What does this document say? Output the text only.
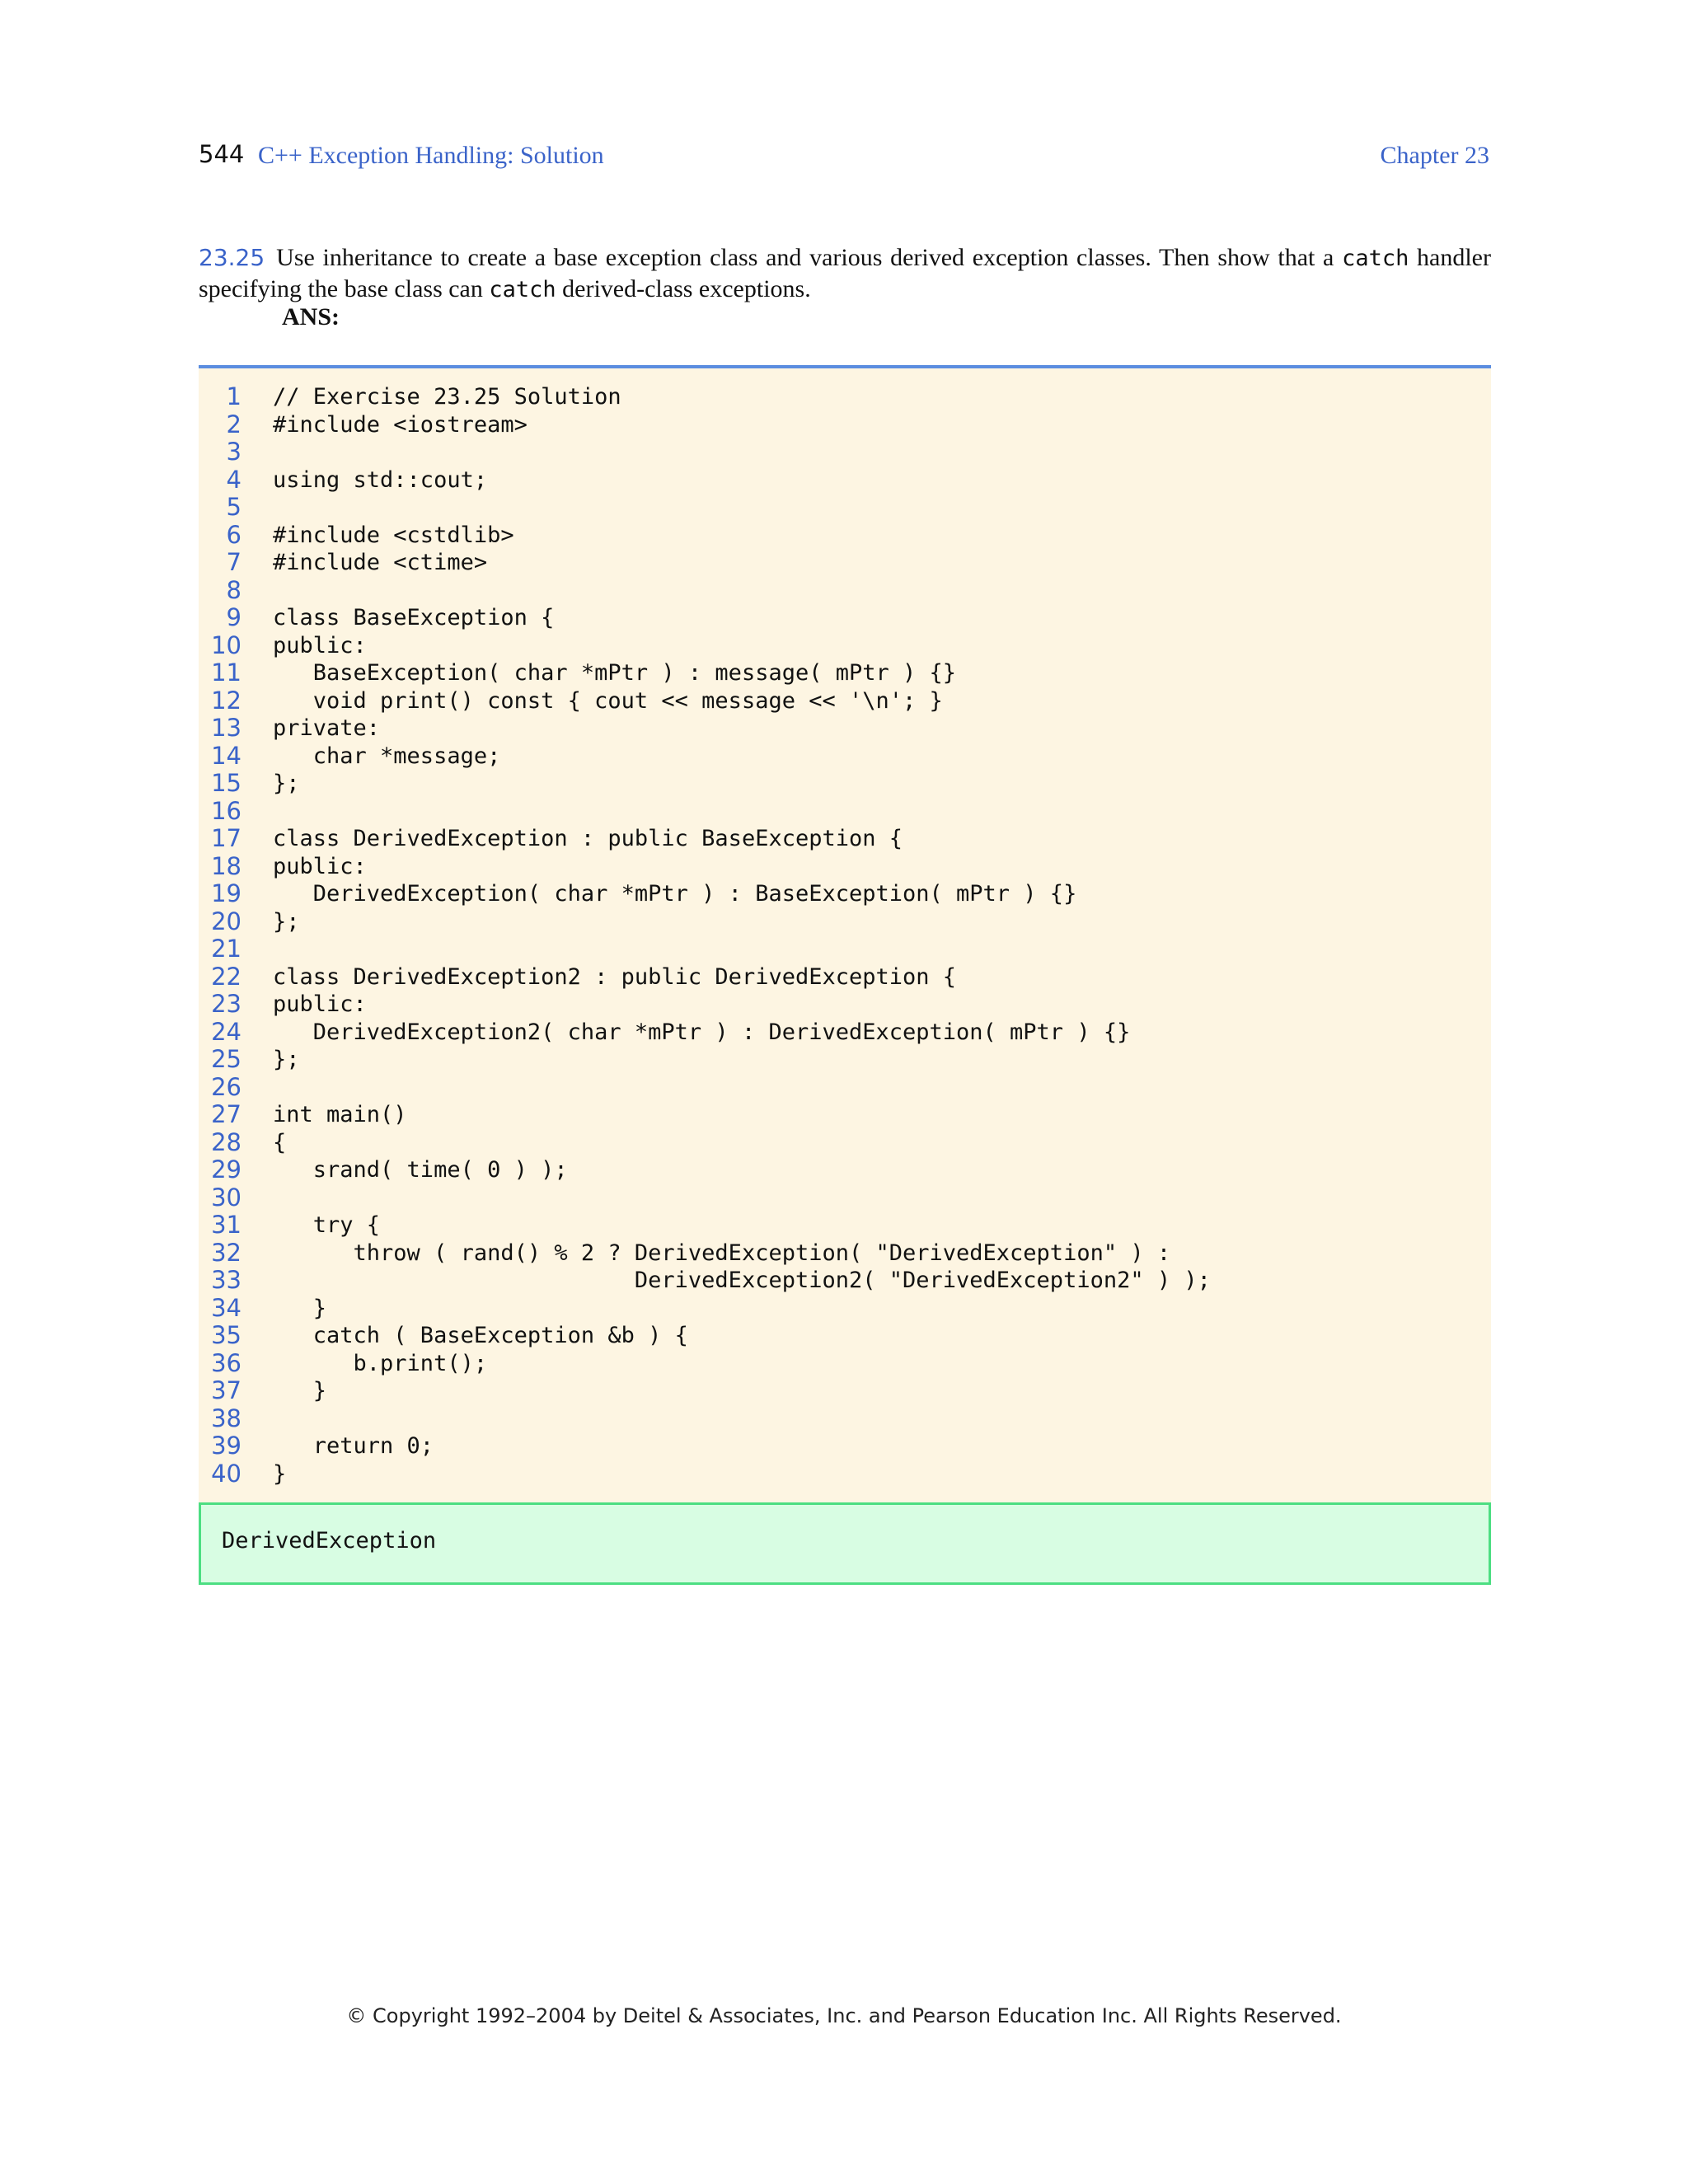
544 C++ Exception Handling: Solution	Chapter 23
23.25 Use inheritance to create a base exception class and various derived exception classes. Then show that a catch handler specifying the base class can catch derived-class exceptions.
ANS:
1 // Exercise 23.25 Solution
2 #include <iostream>
3
4 using std::cout;
5
6 #include <cstdlib>
7 #include <ctime>
8
9 class BaseException {
10 public:
11 BaseException( char *mPtr ) : message( mPtr ) {}
12 void print() const { cout << message << '\n'; }
13 private:
14 char *message;
15 };
16
17 class DerivedException : public BaseException {
18 public:
19 DerivedException( char *mPtr ) : BaseException( mPtr ) {}
20 };
21
22 class DerivedException2 : public DerivedException {
23 public:
24 DerivedException2( char *mPtr ) : DerivedException( mPtr ) {}
25 };
26
27 int main()
28 {
29 srand( time( 0 ) );
30
31 try {
32 throw ( rand() % 2 ? DerivedException( "DerivedException" ) :
33 DerivedException2( "DerivedException2" ) );
34 }
35 catch ( BaseException &b ) {
36 b.print();
37 }
38
39 return 0;
40 }
DerivedException
© Copyright 1992–2004 by Deitel & Associates, Inc. and Pearson Education Inc. All Rights Reserved.
